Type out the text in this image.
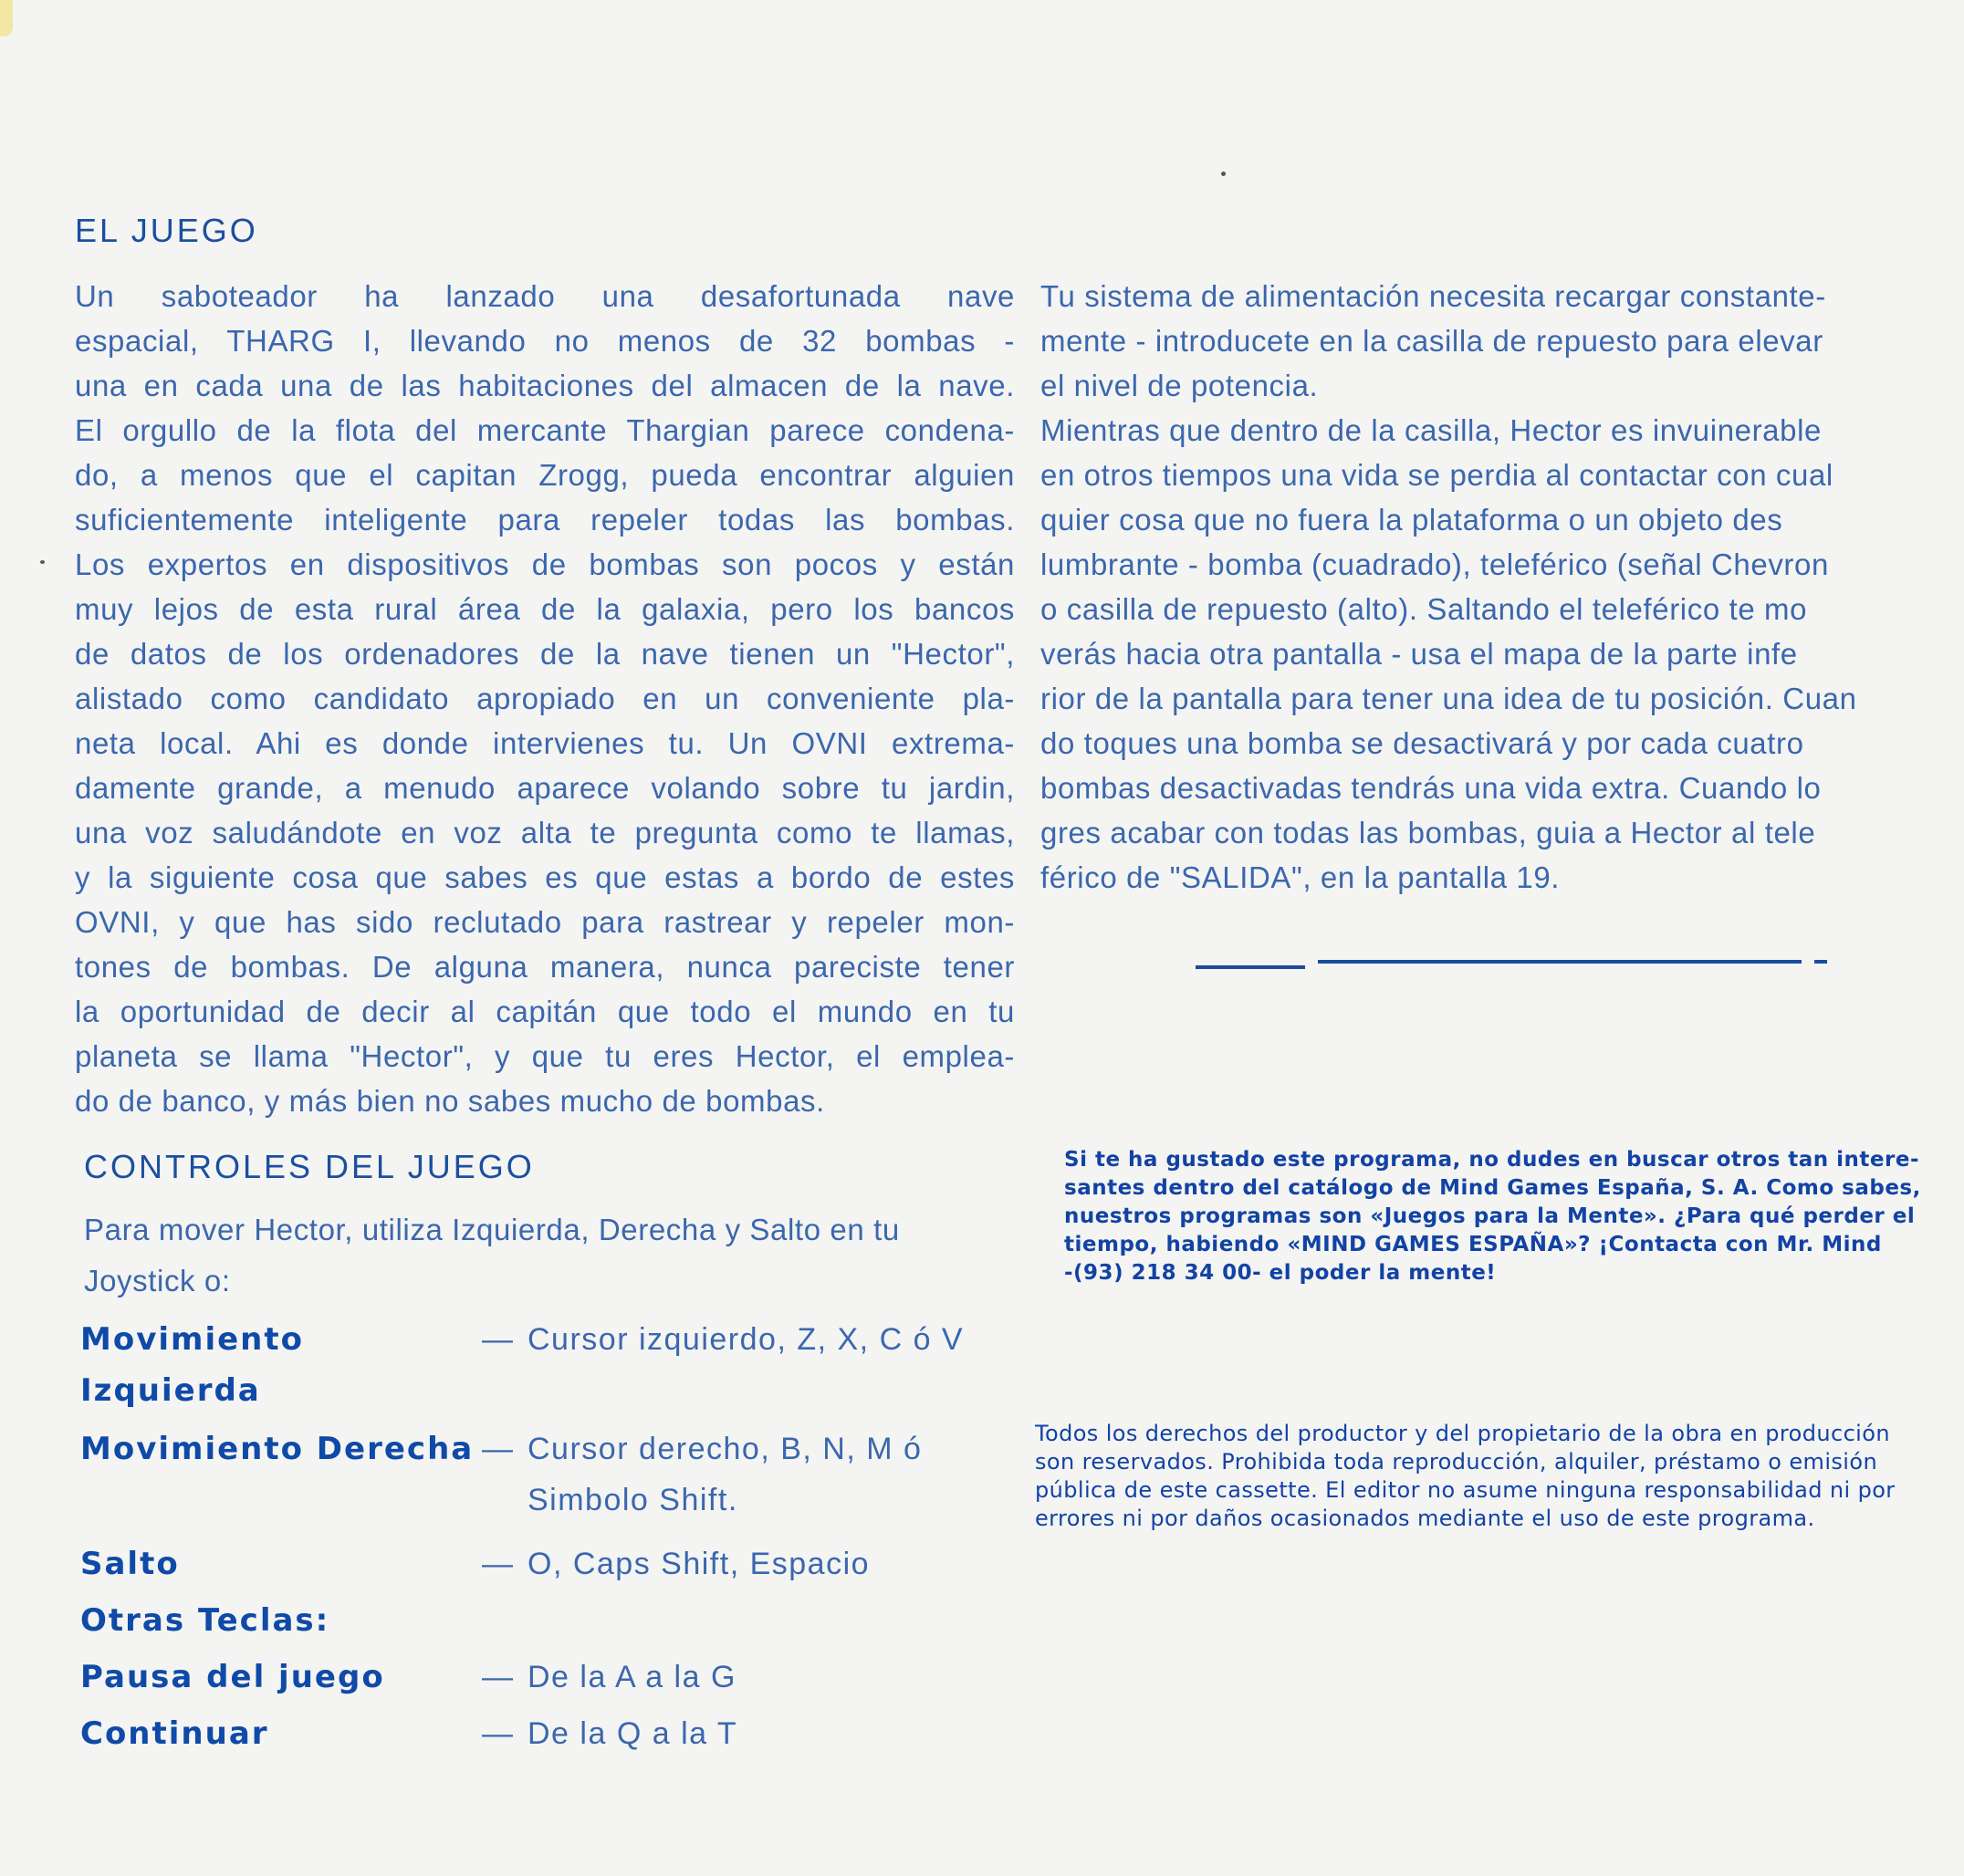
EL JUEGO
Un saboteador ha lanzado una desafortunada nave
espacial, THARG I, llevando no menos de 32 bombas -
una en cada una de las habitaciones del almacen de la nave.
El orgullo de la flota del mercante Thargian parece condena-
do, a menos que el capitan Zrogg, pueda encontrar alguien
suficientemente inteligente para repeler todas las bombas.
Los expertos en dispositivos de bombas son pocos y están
muy lejos de esta rural área de la galaxia, pero los bancos
de datos de los ordenadores de la nave tienen un "Hector",
alistado como candidato apropiado en un conveniente pla-
neta local. Ahi es donde intervienes tu. Un OVNI extrema-
damente grande, a menudo aparece volando sobre tu jardin,
una voz saludándote en voz alta te pregunta como te llamas,
y la siguiente cosa que sabes es que estas a bordo de estes
OVNI, y que has sido reclutado para rastrear y repeler mon-
tones de bombas. De alguna manera, nunca pareciste tener
la oportunidad de decir al capitán que todo el mundo en tu
planeta se llama "Hector", y que tu eres Hector, el emplea-
do de banco, y más bien no sabes mucho de bombas.
CONTROLES DEL JUEGO
Para mover Hector, utiliza Izquierda, Derecha y Salto en tu
Joystick o:
Movimiento Izquierda	—	Cursor izquierdo, Z, X, C ó V
Movimiento Derecha	—	Cursor derecho, B, N, M ó
		Simbolo Shift.
Salto	—	O, Caps Shift, Espacio
Otras Teclas:		
Pausa del juego	—	De la A a la G
Continuar	—	De la Q a la T
Tu sistema de alimentación necesita recargar constante-
mente - introducete en la casilla de repuesto para elevar
el nivel de potencia.
Mientras que dentro de la casilla, Hector es invuinerable
en otros tiempos una vida se perdia al contactar con cual
quier cosa que no fuera la plataforma o un objeto des
lumbrante - bomba (cuadrado), teleférico (señal Chevron
o casilla de repuesto (alto). Saltando el teleférico te mo
verás hacia otra pantalla - usa el mapa de la parte infe
rior de la pantalla para tener una idea de tu posición. Cuan
do toques una bomba se desactivará y por cada cuatro
bombas desactivadas tendrás una vida extra. Cuando lo
gres acabar con todas las bombas, guia a Hector al tele
férico de "SALIDA", en la pantalla 19.
Si te ha gustado este programa, no dudes en buscar otros tan intere-
santes dentro del catálogo de Mind Games España, S. A. Como sabes,
nuestros programas son «Juegos para la Mente». ¿Para qué perder el
tiempo, habiendo «MIND GAMES ESPAÑA»? ¡Contacta con Mr. Mind
-(93) 218 34 00- el poder la mente!
Todos los derechos del productor y del propietario de la obra en producción
son reservados. Prohibida toda reproducción, alquiler, préstamo o emisión
pública de este cassette. El editor no asume ninguna responsabilidad ni por
errores ni por daños ocasionados mediante el uso de este programa.
